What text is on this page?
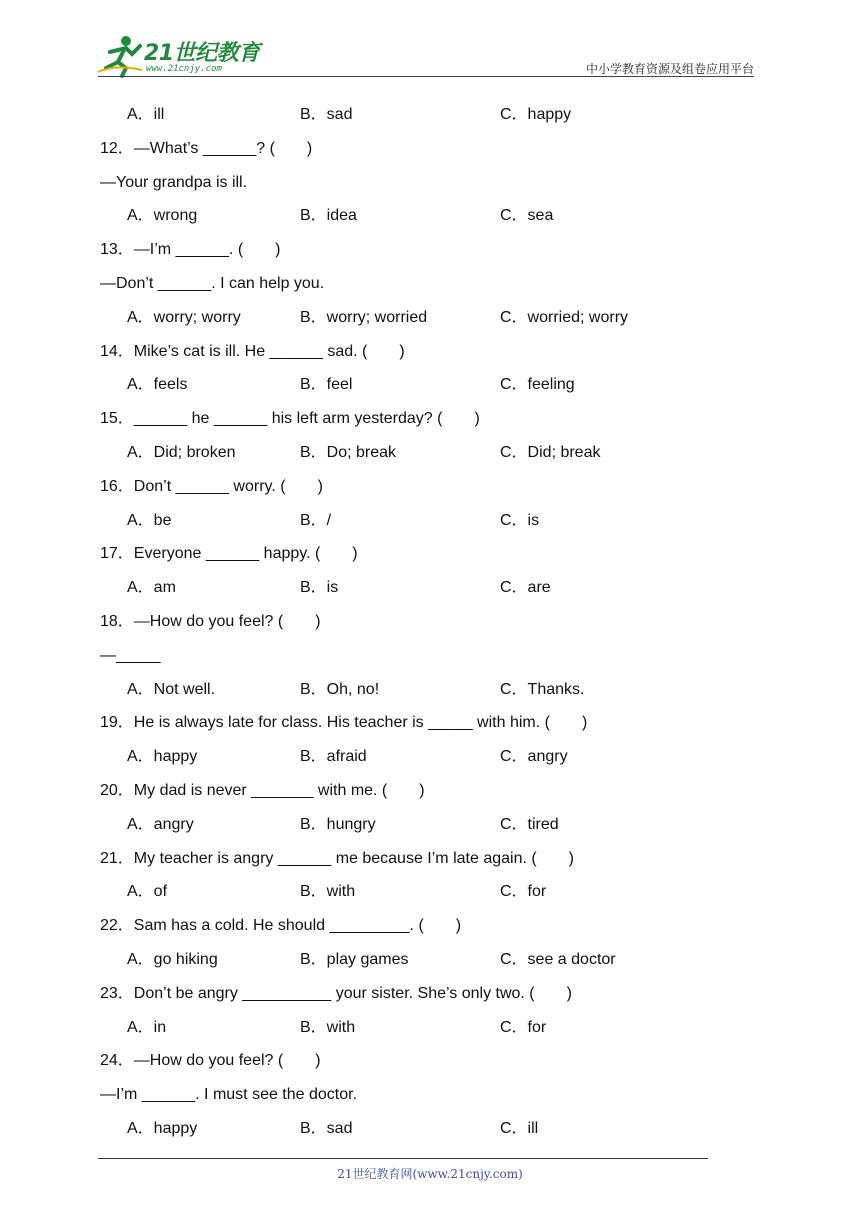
21世纪教育
www.21cnjy.com	中小学教育资源及组卷应用平台
A．ill	B．sad	C．happy
12．—What’s ______? (　　)
—Your grandpa is ill.
A．wrong	B．idea	C．sea
13．—I’m ______. (　　)
—Don’t ______. I can help you.
A．worry; worry	B．worry; worried	C．worried; worry
14．Mike’s cat is ill. He ______ sad. (　　)
A．feels	B．feel	C．feeling
15．______ he ______ his left arm yesterday? (　　)
A．Did; broken	B．Do; break	C．Did; break
16．Don’t ______ worry. (　　)
A．be	B．/	C．is
17．Everyone ______ happy. (　　)
A．am	B．is	C．are
18．—How do you feel? (　　)
—_____
A．Not well.	B．Oh, no!	C．Thanks.
19．He is always late for class. His teacher is _____ with him. (　　)
A．happy	B．afraid	C．angry
20．My dad is never _______ with me. (　　)
A．angry	B．hungry	C．tired
21．My teacher is angry ______ me because I’m late again. (　　)
A．of	B．with	C．for
22．Sam has a cold. He should _________. (　　)
A．go hiking	B．play games	C．see a doctor
23．Don’t be angry __________ your sister. She’s only two. (　　)
A．in	B．with	C．for
24．—How do you feel? (　　)
—I’m ______. I must see the doctor.
A．happy	B．sad	C．ill
21世纪教育网(www.21cnjy.com)
